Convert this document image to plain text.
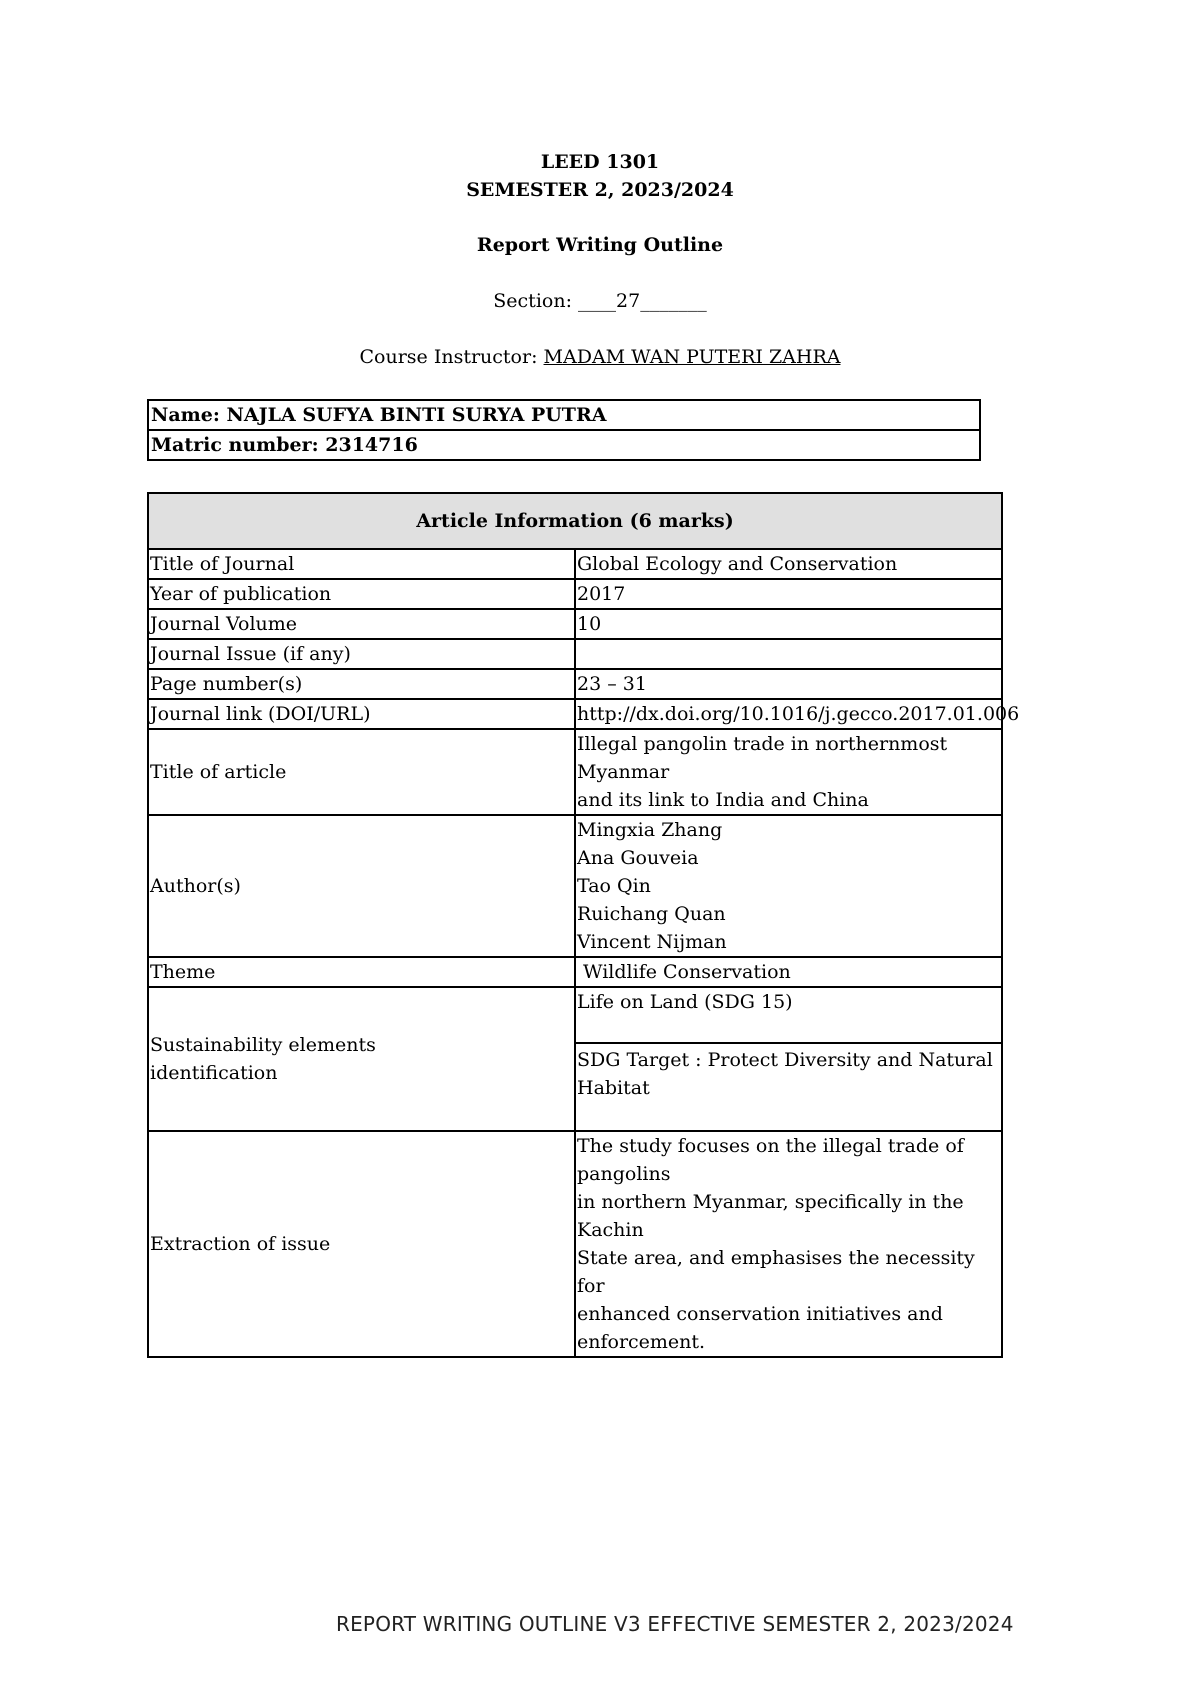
LEED 1301
SEMESTER 2, 2023/2024
Report Writing Outline
Section: ____27_______
Course Instructor: MADAM WAN PUTERI ZAHRA
Name: NAJLA SUFYA BINTI SURYA PUTRA
Matric number: 2314716
Article Information (6 marks)	
Title of Journal	Global Ecology and Conservation
Year of publication	2017
Journal Volume	10
Journal Issue (if any)	
Page number(s)	23 – 31
Journal link (DOI/URL)	http://dx.doi.org/10.1016/j.gecco.2017.01.006
Title of article	Illegal pangolin trade in northernmost Myanmar
and its link to India and China

Author(s)	Mingxia Zhang
Ana Gouveia
Tao Qin
Ruichang Quan
Vincent Nijman

Theme	Wildlife Conservation

Sustainability elements
identification	Life on Land (SDG 15)

	SDG Target : Protect Diversity and Natural
Habitat

Extraction of issue	The study focuses on the illegal trade of pangolins
in northern Myanmar, specifically in the Kachin
State area, and emphasises the necessity for
enhanced conservation initiatives and
enforcement.
REPORT WRITING OUTLINE V3 EFFECTIVE SEMESTER 2, 2023/2024
